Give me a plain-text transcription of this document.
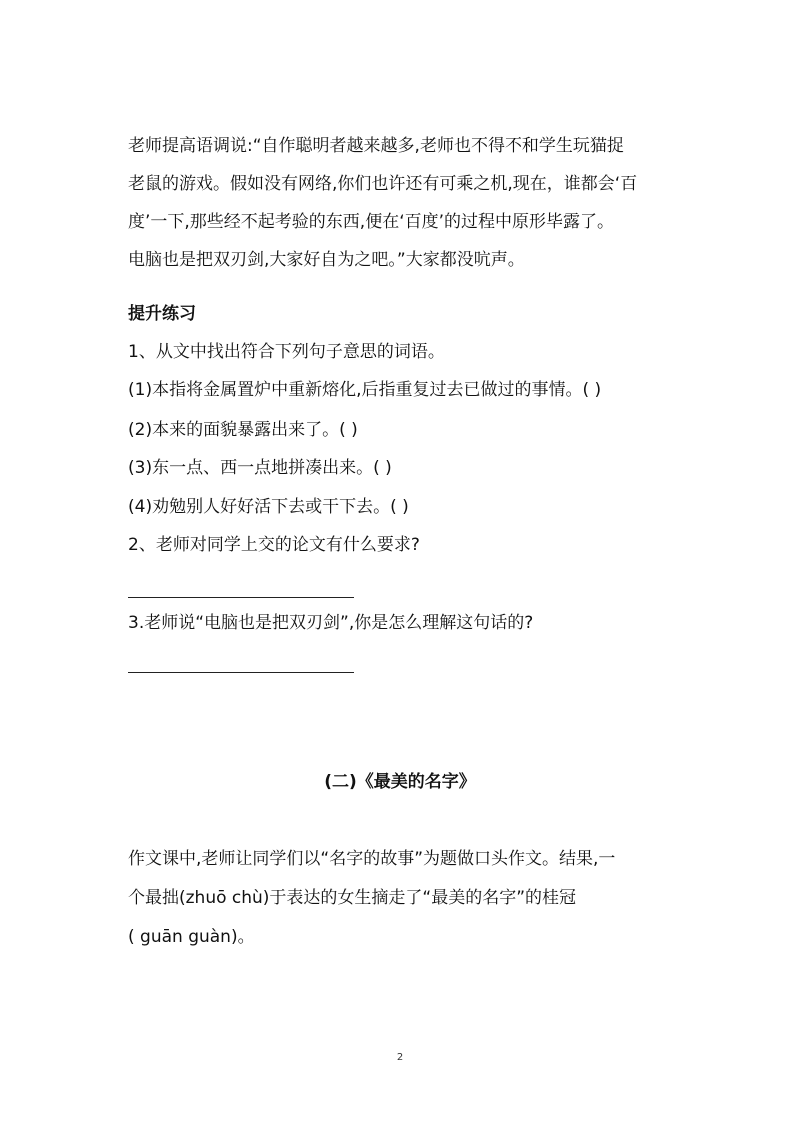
老师提高语调说:“自作聪明者越来越多,老师也不得不和学生玩猫捉
老鼠的游戏。假如没有网络,你们也许还有可乘之机,现在，谁都会‘百
度’一下,那些经不起考验的东西,便在‘百度’的过程中原形毕露了。
电脑也是把双刃剑,大家好自为之吧。”大家都没吭声。
提升练习
1、从文中找出符合下列句子意思的词语。
(1)本指将金属置炉中重新熔化,后指重复过去已做过的事情。( )
(2)本来的面貌暴露出来了。( )
(3)东一点、西一点地拼凑出来。( )
(4)劝勉别人好好活下去或干下去。( )
2、老师对同学上交的论文有什么要求?
3.老师说“电脑也是把双刃剑”,你是怎么理解这句话的?
(二)《最美的名字》
作文课中,老师让同学们以“名字的故事”为题做口头作文。结果,一
个最拙(zhuō chù)于表达的女生摘走了“最美的名字”的桂冠
( guān guàn)。
2
